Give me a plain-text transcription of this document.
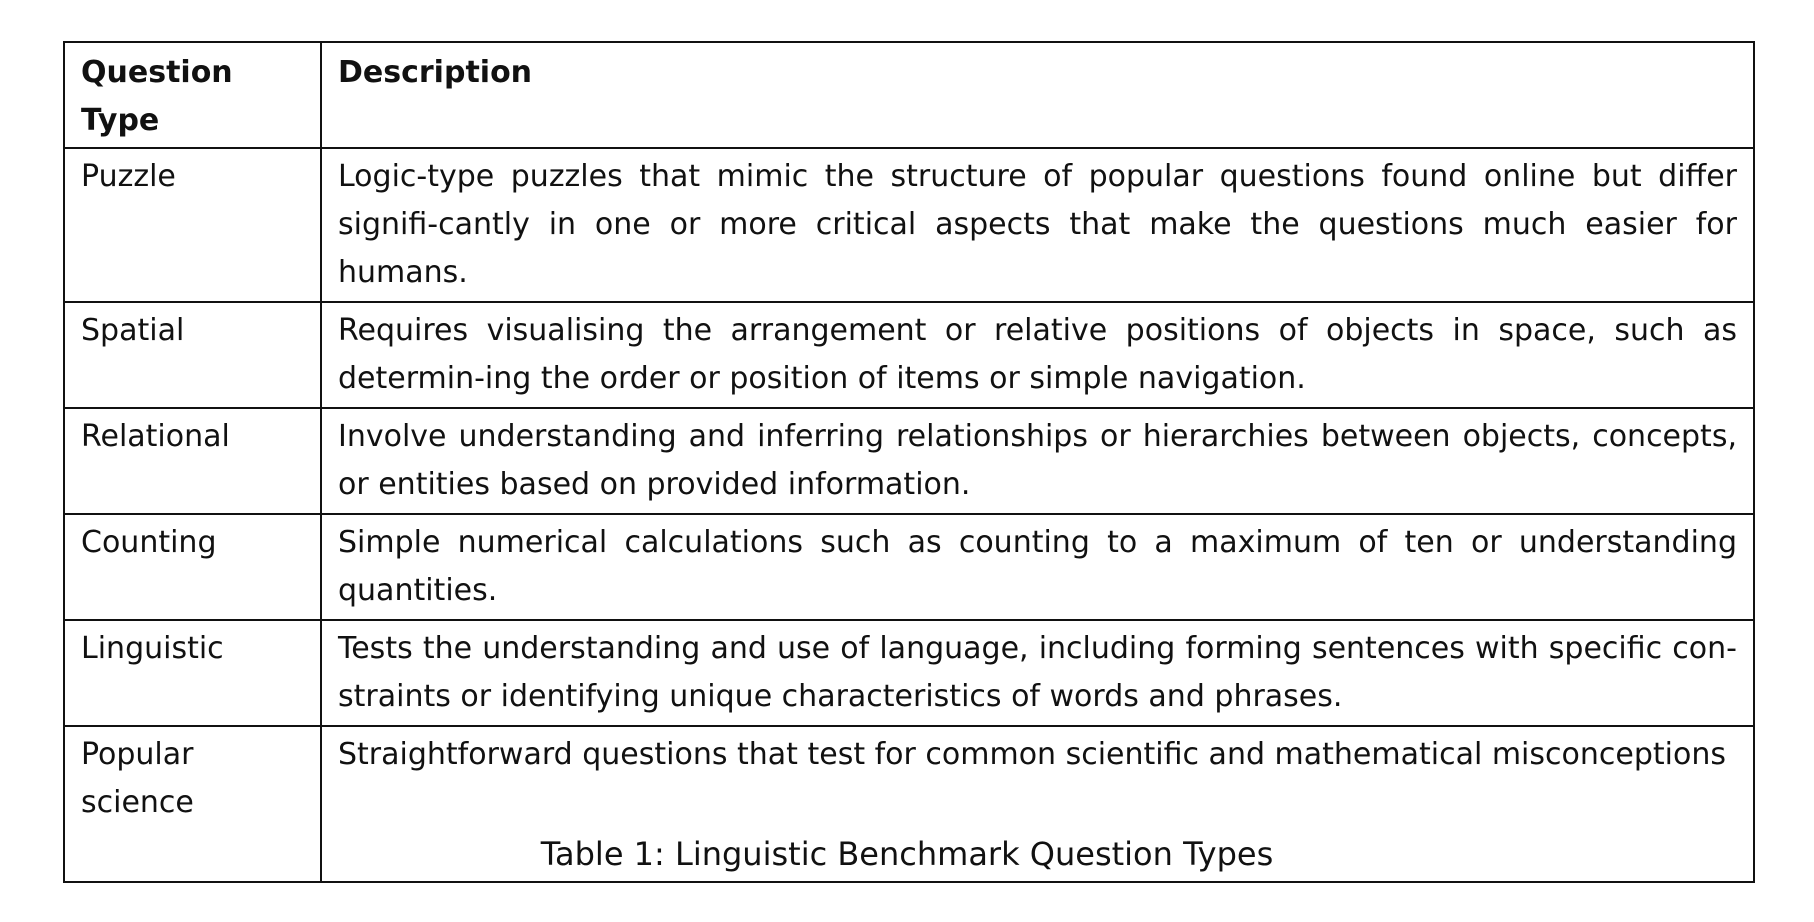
Question Type	Description
Puzzle	Logic-type puzzles that mimic the structure of popular questions found online but differ signifi-cantly in one or more critical aspects that make the questions much easier for humans.
Spatial	Requires visualising the arrangement or relative positions of objects in space, such as determin-ing the order or position of items or simple navigation.
Relational	Involve understanding and inferring relationships or hierarchies between objects, concepts, or entities based on provided information.
Counting	Simple numerical calculations such as counting to a maximum of ten or understanding quantities.
Linguistic	Tests the understanding and use of language, including forming sentences with specific con-straints or identifying unique characteristics of words and phrases.
Popular science	Straightforward questions that test for common scientific and mathematical misconceptions
Table 1: Linguistic Benchmark Question Types
